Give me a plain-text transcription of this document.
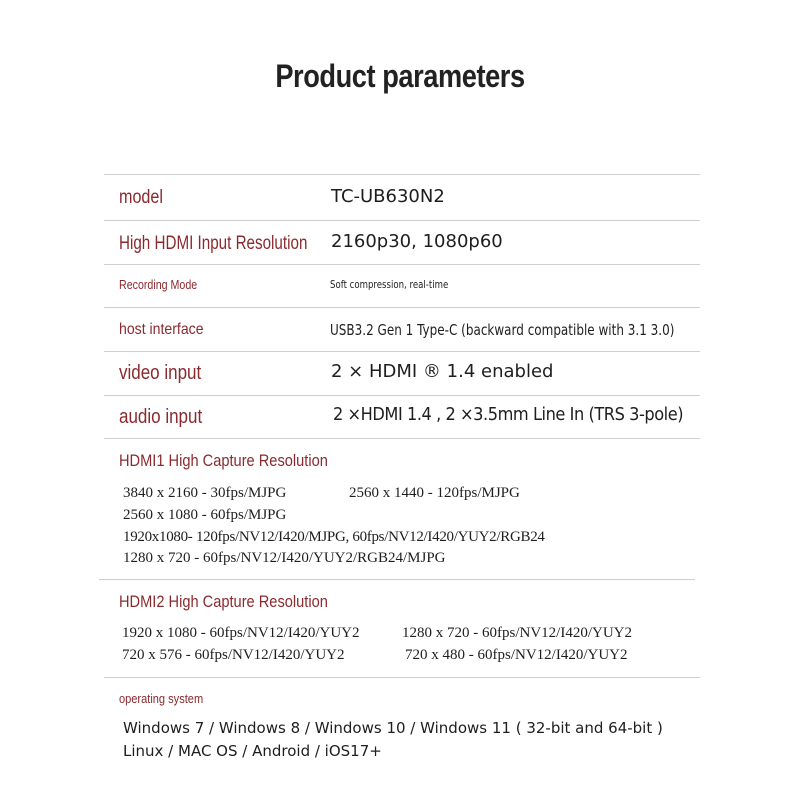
Product parameters
model	TC-UB630N2
High HDMI Input Resolution 2160p30, 1080p60
Recording Mode	Soft compression, real-time
host interface	USB3.2 Gen 1 Type-C (backward compatible with 3.1 3.0)
video input	2 × HDMI ® 1.4 enabled
audio input	2 ×HDMI 1.4 , 2 ×3.5mm Line In (TRS 3-pole)
HDMI1 High Capture Resolution
3840 x 2160 - 30fps/MJPG	2560 x 1440 - 120fps/MJPG
2560 x 1080 - 60fps/MJPG
1920x1080- 120fps/NV12/I420/MJPG, 60fps/NV12/I420/YUY2/RGB24
1280 x 720 - 60fps/NV12/I420/YUY2/RGB24/MJPG
HDMI2 High Capture Resolution
1920 x 1080 - 60fps/NV12/I420/YUY2	1280 x 720 - 60fps/NV12/I420/YUY2
720 x 576 - 60fps/NV12/I420/YUY2	720 x 480 - 60fps/NV12/I420/YUY2
operating system
Windows 7 / Windows 8 / Windows 10 / Windows 11 ( 32-bit and 64-bit )
Linux / MAC OS / Android / iOS17+
